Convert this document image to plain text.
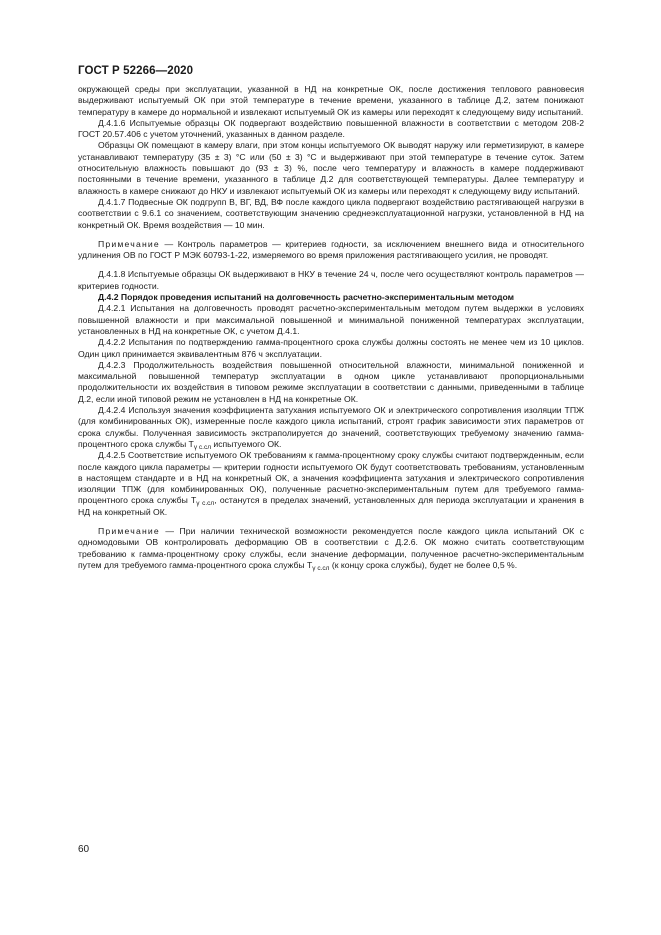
ГОСТ Р 52266—2020

окружающей среды при эксплуатации, указанной в НД на конкретные ОК, после достижения теплового равновесия выдерживают испытуемый ОК при этой температуре в течение времени, указанного в таблице Д.2, затем понижают температуру в камере до нормальной и извлекают испытуемый ОК из камеры или переходят к следующему виду испытаний.

Д.4.1.6 Испытуемые образцы ОК подвергают воздействию повышенной влажности в соответствии с методом 208-2 ГОСТ 20.57.406 с учетом уточнений, указанных в данном разделе.

Образцы ОК помещают в камеру влаги, при этом концы испытуемого ОК выводят наружу или герметизируют, в камере устанавливают температуру (35 ± 3) °С или (50 ± 3) °С и выдерживают при этой температуре в течение суток. Затем относительную влажность повышают до (93 ± 3) %, после чего температуру и влажность в камере поддерживают постоянными в течение времени, указанного в таблице Д.2 для соответствующей температуры. Далее температуру и влажность в камере снижают до НКУ и извлекают испытуемый ОК из камеры или переходят к следующему виду испытаний.

Д.4.1.7 Подвесные ОК подгрупп В, ВГ, ВД, ВФ после каждого цикла подвергают воздействию растягивающей нагрузки в соответствии с 9.6.1 со значением, соответствующим значению среднеэксплуатационной нагрузки, установленной в НД на конкретный ОК. Время воздействия — 10 мин.

Примечание — Контроль параметров — критериев годности, за исключением внешнего вида и относительного удлинения ОВ по ГОСТ Р МЭК 60793-1-22, измеряемого во время приложения растягивающего усилия, не проводят.

Д.4.1.8 Испытуемые образцы ОК выдерживают в НКУ в течение 24 ч, после чего осуществляют контроль параметров — критериев годности.

Д.4.2 Порядок проведения испытаний на долговечность расчетно-экспериментальным методом

Д.4.2.1 Испытания на долговечность проводят расчетно-экспериментальным методом путем выдержки в условиях повышенной влажности и при максимальной повышенной и минимальной пониженной температурах эксплуатации, установленных в НД на конкретные ОК, с учетом Д.4.1.

Д.4.2.2 Испытания по подтверждению гамма-процентного срока службы должны состоять не менее чем из 10 циклов. Один цикл принимается эквивалентным 876 ч эксплуатации.

Д.4.2.3 Продолжительность воздействия повышенной относительной влажности, минимальной пониженной и максимальной повышенной температур эксплуатации в одном цикле устанавливают пропорциональными продолжительности их воздействия в типовом режиме эксплуатации в соответствии с данными, приведенными в таблице Д.2, если иной типовой режим не установлен в НД на конкретные ОК.

Д.4.2.4 Используя значения коэффициента затухания испытуемого ОК и электрического сопротивления изоляции ТПЖ (для комбинированных ОК), измеренные после каждого цикла испытаний, строят график зависимости этих параметров от срока службы. Полученная зависимость экстраполируется до значений, соответствующих требуемому значению гамма-процентного срока службы $T_{\gamma с.сл}$ испытуемого ОК.

Д.4.2.5 Соответствие испытуемого ОК требованиям к гамма-процентному сроку службы считают подтвержденным, если после каждого цикла параметры — критерии годности испытуемого ОК будут соответствовать требованиям, установленным в настоящем стандарте и в НД на конкретный ОК, а значения коэффициента затухания и электрического сопротивления изоляции ТПЖ (для комбинированных ОК), полученные расчетно-экспериментальным путем для требуемого гамма-процентного срока службы $T_{\gamma с.сл}$, останутся в пределах значений, установленных для периода эксплуатации и хранения в НД на конкретный ОК.

Примечание — При наличии технической возможности рекомендуется после каждого цикла испытаний ОК с одномодовыми ОВ контролировать деформацию ОВ в соответствии с Д.2.6. ОК можно считать соответствующим требованию к гамма-процентному сроку службы, если значение деформации, полученное расчетно-экспериментальным путем для требуемого гамма-процентного срока службы $T_{\gamma с.сл}$ (к концу срока службы), будет не более 0,5 %.

60
